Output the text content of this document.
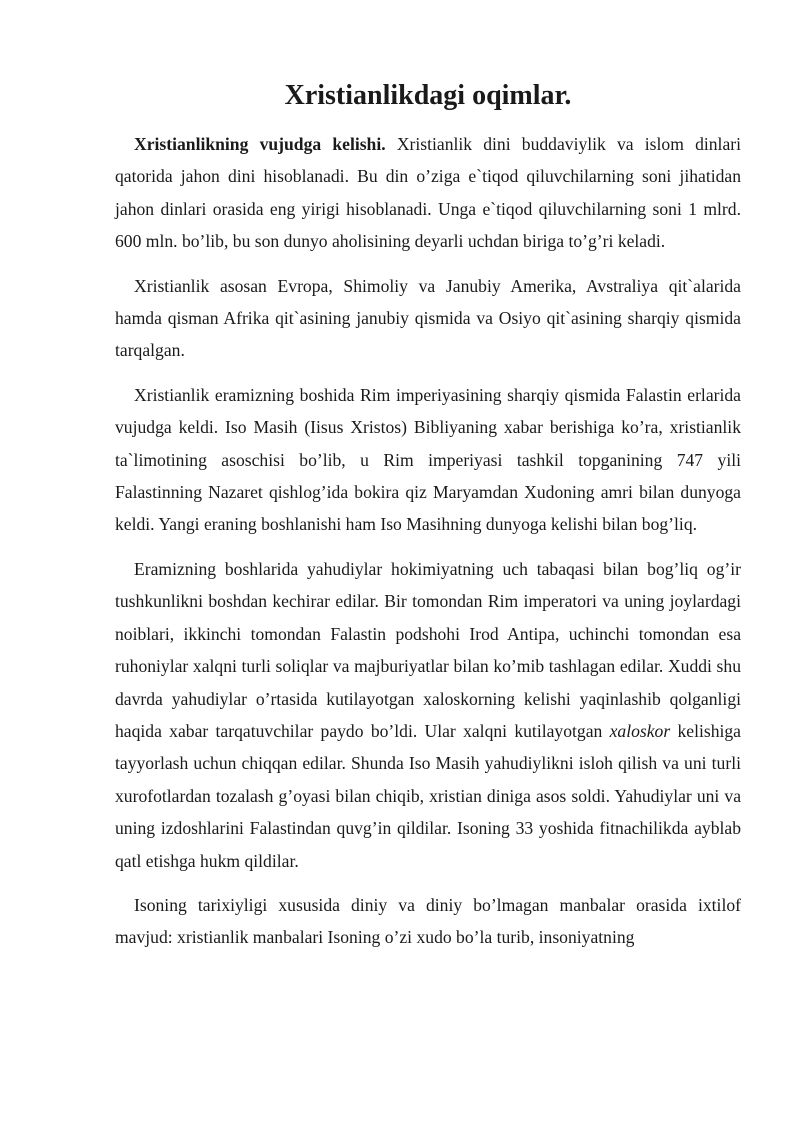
Xristianlikdagi oqimlar.

Xristianlikning vujudga kelishi. Xristianlik dini buddaviylik va islom dinlari qatorida jahon dini hisoblanadi. Bu din o’ziga e`tiqod qiluvchilarning soni jihatidan jahon dinlari orasida eng yirigi hisoblanadi. Unga e`tiqod qiluvchilarning soni 1 mlrd. 600 mln. bo’lib, bu son dunyo aholisining deyarli uchdan biriga to’g’ri keladi.

Xristianlik asosan Evropa, Shimoliy va Janubiy Amerika, Avstraliya qit`alarida hamda qisman Afrika qit`asining janubiy qismida va Osiyo qit`asining sharqiy qismida tarqalgan.

Xristianlik eramizning boshida Rim imperiyasining sharqiy qismida Falastin erlarida vujudga keldi. Iso Masih (Iisus Xristos) Bibliyaning xabar berishiga ko’ra, xristianlik ta`limotining asoschisi bo’lib, u Rim imperiyasi tashkil topganining 747 yili Falastinning Nazaret qishlog’ida bokira qiz Maryamdan Xudoning amri bilan dunyoga keldi. Yangi eraning boshlanishi ham Iso Masihning dunyoga kelishi bilan bog’liq.

Eramizning boshlarida yahudiylar hokimiyatning uch tabaqasi bilan bog’liq og’ir tushkunlikni boshdan kechirar edilar. Bir tomondan Rim imperatori va uning joylardagi noiblari, ikkinchi tomondan Falastin podshohi Irod Antipa, uchinchi tomondan esa ruhoniylar xalqni turli soliqlar va majburiyatlar bilan ko’mib tashlagan edilar. Xuddi shu davrda yahudiylar o’rtasida kutilayotgan xaloskorning kelishi yaqinlashib qolganligi haqida xabar tarqatuvchilar paydo bo’ldi. Ular xalqni kutilayotgan xaloskor kelishiga tayyorlash uchun chiqqan edilar. Shunda Iso Masih yahudiylikni isloh qilish va uni turli xurofotlardan tozalash g’oyasi bilan chiqib, xristian diniga asos soldi. Yahudiylar uni va uning izdoshlarini Falastindan quvg’in qildilar. Isoning 33 yoshida fitnachilikda ayblab qatl etishga hukm qildilar.

Isoning tarixiyligi xususida diniy va diniy bo’lmagan manbalar orasida ixtilof mavjud: xristianlik manbalari Isoning o’zi xudo bo’la turib, insoniyatning
